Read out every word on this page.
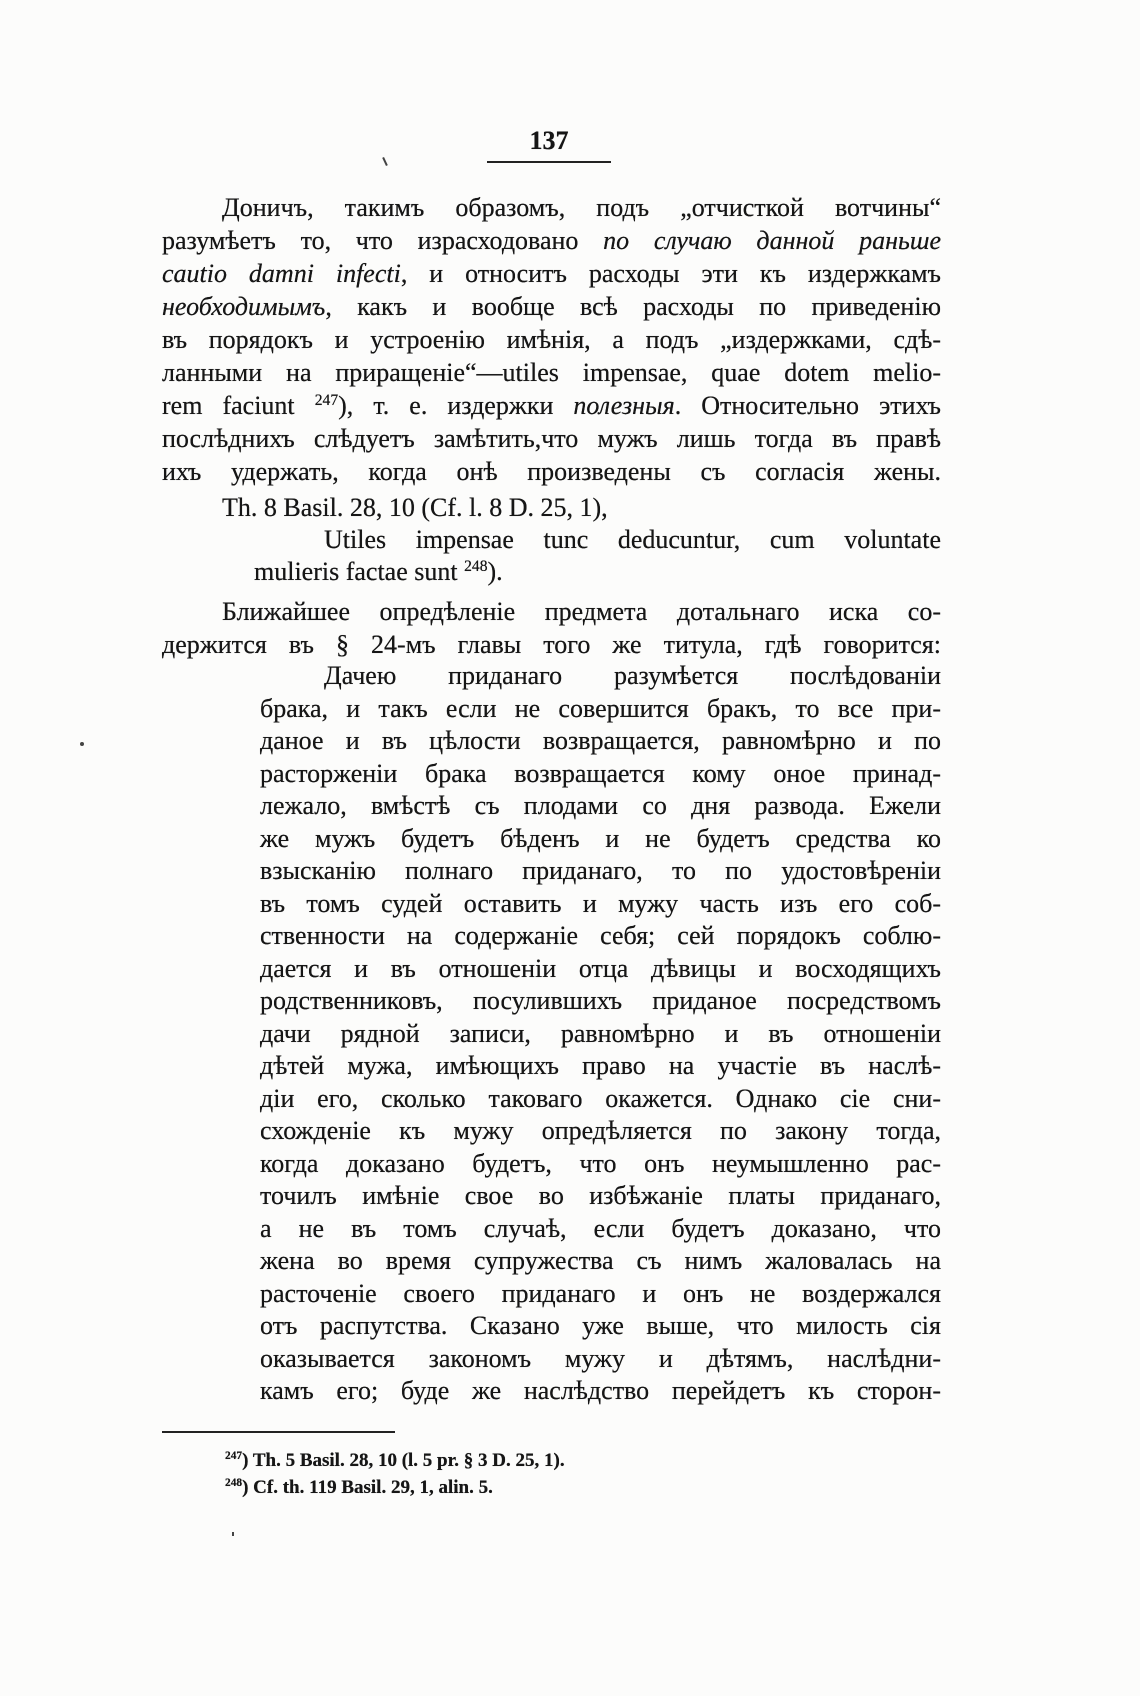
137
Доничъ, такимъ образомъ, подъ „отчисткой вотчины“
разумѣетъ то, что израсходовано по случаю данной раньше
cautio damni infecti, и относитъ расходы эти къ издержкамъ
необходимымъ, какъ и вообще всѣ расходы по приведенію
въ порядокъ и устроенію имѣнія, а подъ „издержками, сдѣ-
ланными на приращеніе“—utiles impensae, quae dotem melio-
rem faciunt $^{247}$), т. е. издержки полезныя. Относительно этихъ
послѣднихъ слѣдуетъ замѣтить,что мужъ лишь тогда въ правѣ
ихъ удержать, когда онѣ произведены съ согласія жены.
Th. 8 Basil. 28, 10 (Cf. l. 8 D. 25, 1),
Utiles impensae tunc deducuntur, cum voluntate
mulieris factae sunt $^{248}$).
Ближайшее опредѣленіе предмета дотальнаго иска со-
держится въ § 24-мъ главы того же титула, гдѣ говорится:
Дачею приданаго разумѣется послѣдованіи
брака, и такъ если не совершится бракъ, то все при-
даное и въ цѣлости возвращается, равномѣрно и по
расторженіи брака возвращается кому оное принад-
лежало, вмѣстѣ съ плодами со дня развода. Ежели
же мужъ будетъ бѣденъ и не будетъ средства ко
взысканію полнаго приданаго, то по удостовѣреніи
въ томъ судей оставить и мужу часть изъ его соб-
ственности на содержаніе себя; сей порядокъ соблю-
дается и въ отношеніи отца дѣвицы и восходящихъ
родственниковъ, посулившихъ приданое посредствомъ
дачи рядной записи, равномѣрно и въ отношеніи
дѣтей мужа, имѣющихъ право на участіе въ наслѣ-
діи его, сколько таковаго окажется. Однако сіе сни-
схожденіе къ мужу опредѣляется по закону тогда,
когда доказано будетъ, что онъ неумышленно рас-
точилъ имѣніе свое во избѣжаніе платы приданаго,
а не въ томъ случаѣ, если будетъ доказано, что
жена во время супружества съ нимъ жаловалась на
расточеніе своего приданаго и онъ не воздержался
отъ распутства. Сказано уже выше, что милость сія
оказывается закономъ мужу и дѣтямъ, наслѣдни-
камъ его; буде же наслѣдство перейдетъ къ сторон-
$^{247}$) Th. 5 Basil. 28, 10 (l. 5 pr. § 3 D. 25, 1).
$^{248}$) Cf. th. 119 Basil. 29, 1, alin. 5.
